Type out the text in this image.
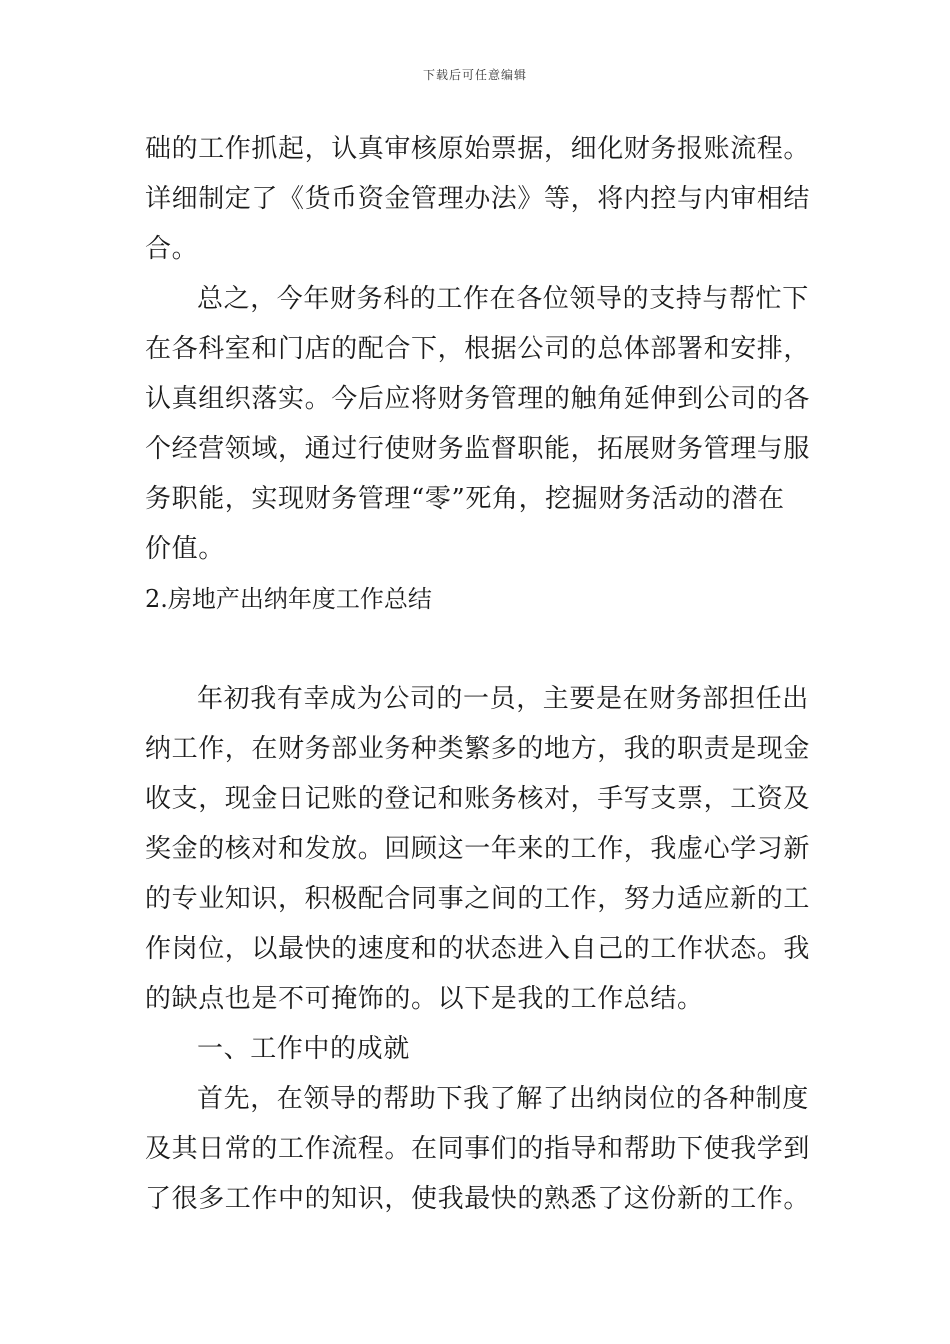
下载后可任意编辑
础的工作抓起，认真审核原始票据，细化财务报账流程。
详细制定了《货币资金管理办法》等，将内控与内审相结
合。
总之，今年财务科的工作在各位领导的支持与帮忙下
在各科室和门店的配合下，根据公司的总体部署和安排，
认真组织落实。今后应将财务管理的触角延伸到公司的各
个经营领域，通过行使财务监督职能，拓展财务管理与服
务职能，实现财务管理“零”死角，挖掘财务活动的潜在
价值。
2.房地产出纳年度工作总结
年初我有幸成为公司的一员，主要是在财务部担任出
纳工作，在财务部业务种类繁多的地方，我的职责是现金
收支，现金日记账的登记和账务核对，手写支票，工资及
奖金的核对和发放。回顾这一年来的工作，我虚心学习新
的专业知识，积极配合同事之间的工作，努力适应新的工
作岗位，以最快的速度和的状态进入自己的工作状态。我
的缺点也是不可掩饰的。以下是我的工作总结。
一、工作中的成就
首先，在领导的帮助下我了解了出纳岗位的各种制度
及其日常的工作流程。在同事们的指导和帮助下使我学到
了很多工作中的知识，使我最快的熟悉了这份新的工作。
